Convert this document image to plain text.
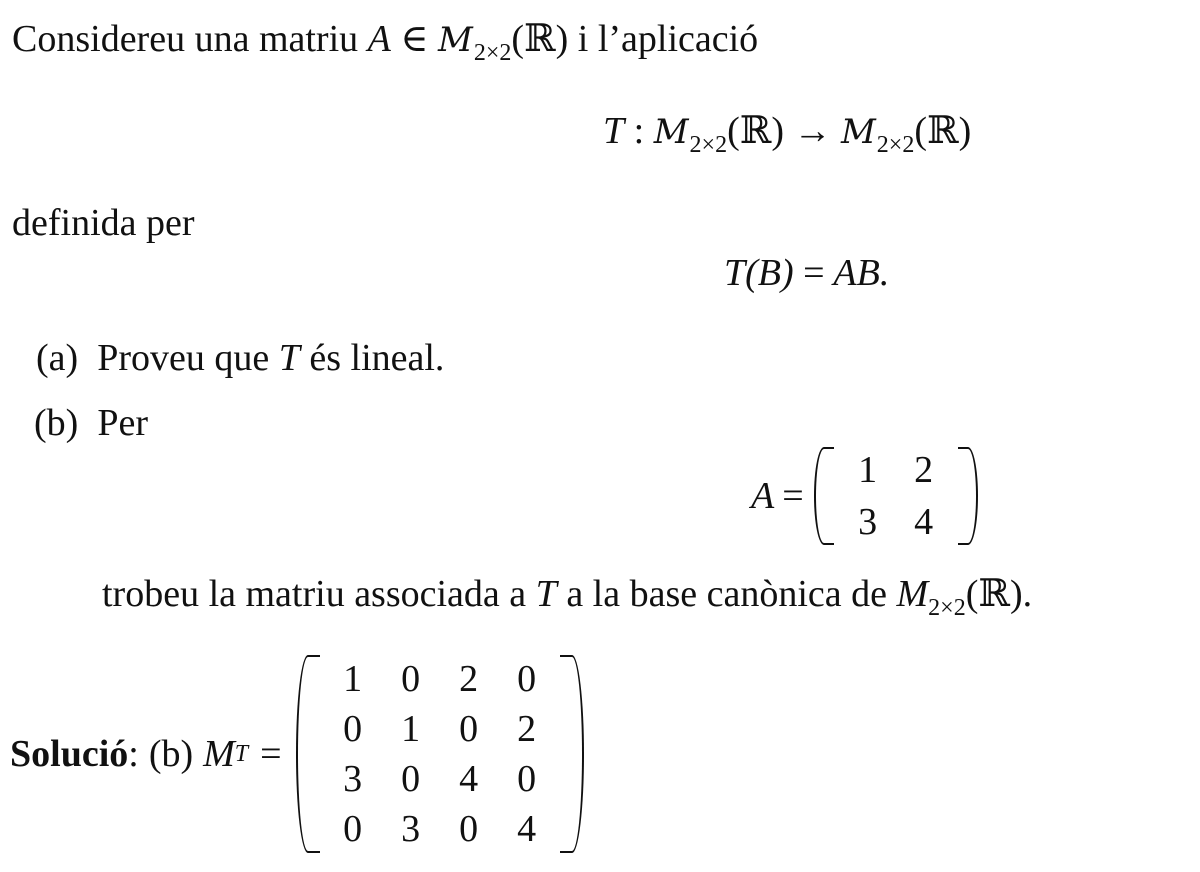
Considereu una matriu A ∈ $M_{2\times 2}(ℝ)$ i l’aplicació
T : $M_{2\times 2}(ℝ)$ → $M_{2\times 2}(ℝ)$
definida per
T(B) = AB.
(a) Proveu que T és lineal.
(b) Per
A =
1 2
3 4
trobeu la matriu associada a T a la base canònica de $M_{2\times 2}(ℝ)$.
Solució : (b) M T =
1	0	2	0
0	1	0	2
3	0	4	0
0	3	0	4
